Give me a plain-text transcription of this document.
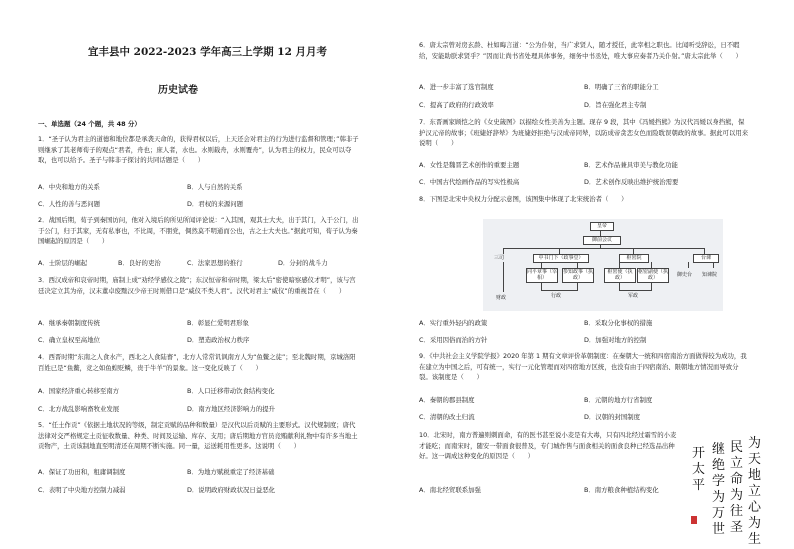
宜丰县中 2022-2023 学年高三上学期 12 月月考
历史试卷
一、单选题（24 个题，共 48 分）
1．“圣子认为君主的道德和地位都是承袭天命的，获得君权以后，上天还会对君主的行为进行监督和管理；”韩非子则继承了其老师荀子的观点“君者，舟也；庶人者，水也。水则载舟，水则覆舟”，认为君主的权力，民众可以夺取，也可以给予。圣子与韩非子探讨的共同话题是（　　）
A．中央和地方的关系	B．人与自然的关系
C．人性的善与恶问题	D．君权的来源问题
2．战国后期，荀子到秦国访问，他对入境后的所见所闻评论说：“入其国，观其士大夫，出于其门，入于公门，出于公门，归于其家，无有私事也，不比周，不朋党，倜然莫不明通而公也，古之士大夫也。”据此可知，荀子认为秦国崛起的原因是（　　）
A．士阶层的崛起	B．良好的吏治	C．法家思想的推行	D．分封的战斗力
3．西汉成帝和哀帝时期，庙制上成“劝经学感仪之陵”；东汉恒帝和帝时期，梁太后“密使暗察感仪才明”，该与宫廷决定立其为帝，汉末董卓废黜汉少帝王时则借口是“威仪不类人君”。汉代对君主“威仪”的重视旨在（　　）
A．继承秦朝制度传统	B．彰显仁爱明君形象
C．确立皇权至高地位	D．塑造政治权力秩序
4．西晋时期“东南之人食水产，西北之人食陆畜”，北方人常常讥讽南方人为“鱼鳖之徒”；至北魏时期，京城洛阳百姓已是“鱼鳖，竞之如鱼蝗贬鳞，贵于牛羊”的景象。这一变化反映了（　　）
A．国家经济重心转移至南方	B．人口迁移带动饮食结构变化
C．北方战乱影响畜牧业发展	D．南方地区经济影响力的提升
5．“任土作贡”《依据土地状况的等级，制定贡赋的品种和数量）是汉代以后贡赋的主要形式。汉代规制度；唐代法律对交严格规定土贡征收数量、种类、时间及运输、库存、支用；唐后期地方官员竞贿献利礼物中有许多当地土贡物产，土贡该制地直至明清还在周期不断实施。同一量，运送耗用性更多。这说明（　　）
A．保证了功田和，租庸调制度	B．为地方赋税重定了经济基础
C．表明了中央地方控制力减弱	D．说明政府财政状况日益恶化
6．唐太宗曾对房玄龄、杜如晦言道：“公为仆射，当广求贤人，随才授任，此宰相之职也。比闻听受辞讼，日不暇给，安能助朕求贤乎？”因而让尚书省处理具体事务，细务中书丞处，唯大事应奏者乃关仆射。”唐太宗此举（　　）
A．进一步丰富了选官制度	B．明确了三省的职能分工
C．提高了政府的行政效率	D．旨在强化君主专制
7．东晋画家顾恺之的《女史箴图》以描绘女性美善为主题。现存 9 段，其中《冯媛挡熊》为汉代冯媛以身挡熊，保护汉元帝的故事；《班婕妤辞辇》为班婕妤拒绝与汉成帝同辇，以防成帝贪恋女色而险耽误朝政的故事。据此可以用来说明（　　）
A．女性是魏晋艺术创作的重要主题	B．艺术作品兼具审美与教化功能
C．中国古代绘画作品的写实性极高	D．艺术创作反映出维护统治需要
8．下图是北宋中央权力分配示意图，该图集中体现了北宋统治者（　　）
皇帝
御前会议
三司	中书门下（政事堂）	枢密院	台谏
同平章事（宰相）
参知政事（执政）
枢密使（执政）
枢密副使（执政）	御史台 知谏院
财政	行政	军政
A．实行重外轻内的政策	B．采取分化事权的措施
C．采用因俗而治的方针	D．加强对地方的控制
9．《中共社会主义学院学报》2020 年第 1 期有文章评价革朝制度：在秦朝大一统和四宿南治方面做得较为成功，我在建立为中国之后，可有统一，实行一元化管理而对四宿地方区统，也没有由于四宿南治、限朝地方情况而导致分裂。该制度是（　　）
A．秦朝的郡县制度	B．元朝的地方行省制度
C．清朝的改土归流	D．汉朝的封国制度
10．北宋时，南方普遍则刺面命，有的医书甚至说小麦是有大毒，只有四北经过霜雪的小麦才能吃；而南宋时，随安一带面食很普及，专门城作售与面食相关的面食良种已经选品出种好。这一调成这种变化的原因是（　　）
A．南北经贸联系加强	B．南方粮食种植结构变化
为
天
地
立
心
为
生
民
立
命
为
往
圣
继
绝
学
为
万
世
开
太
平
